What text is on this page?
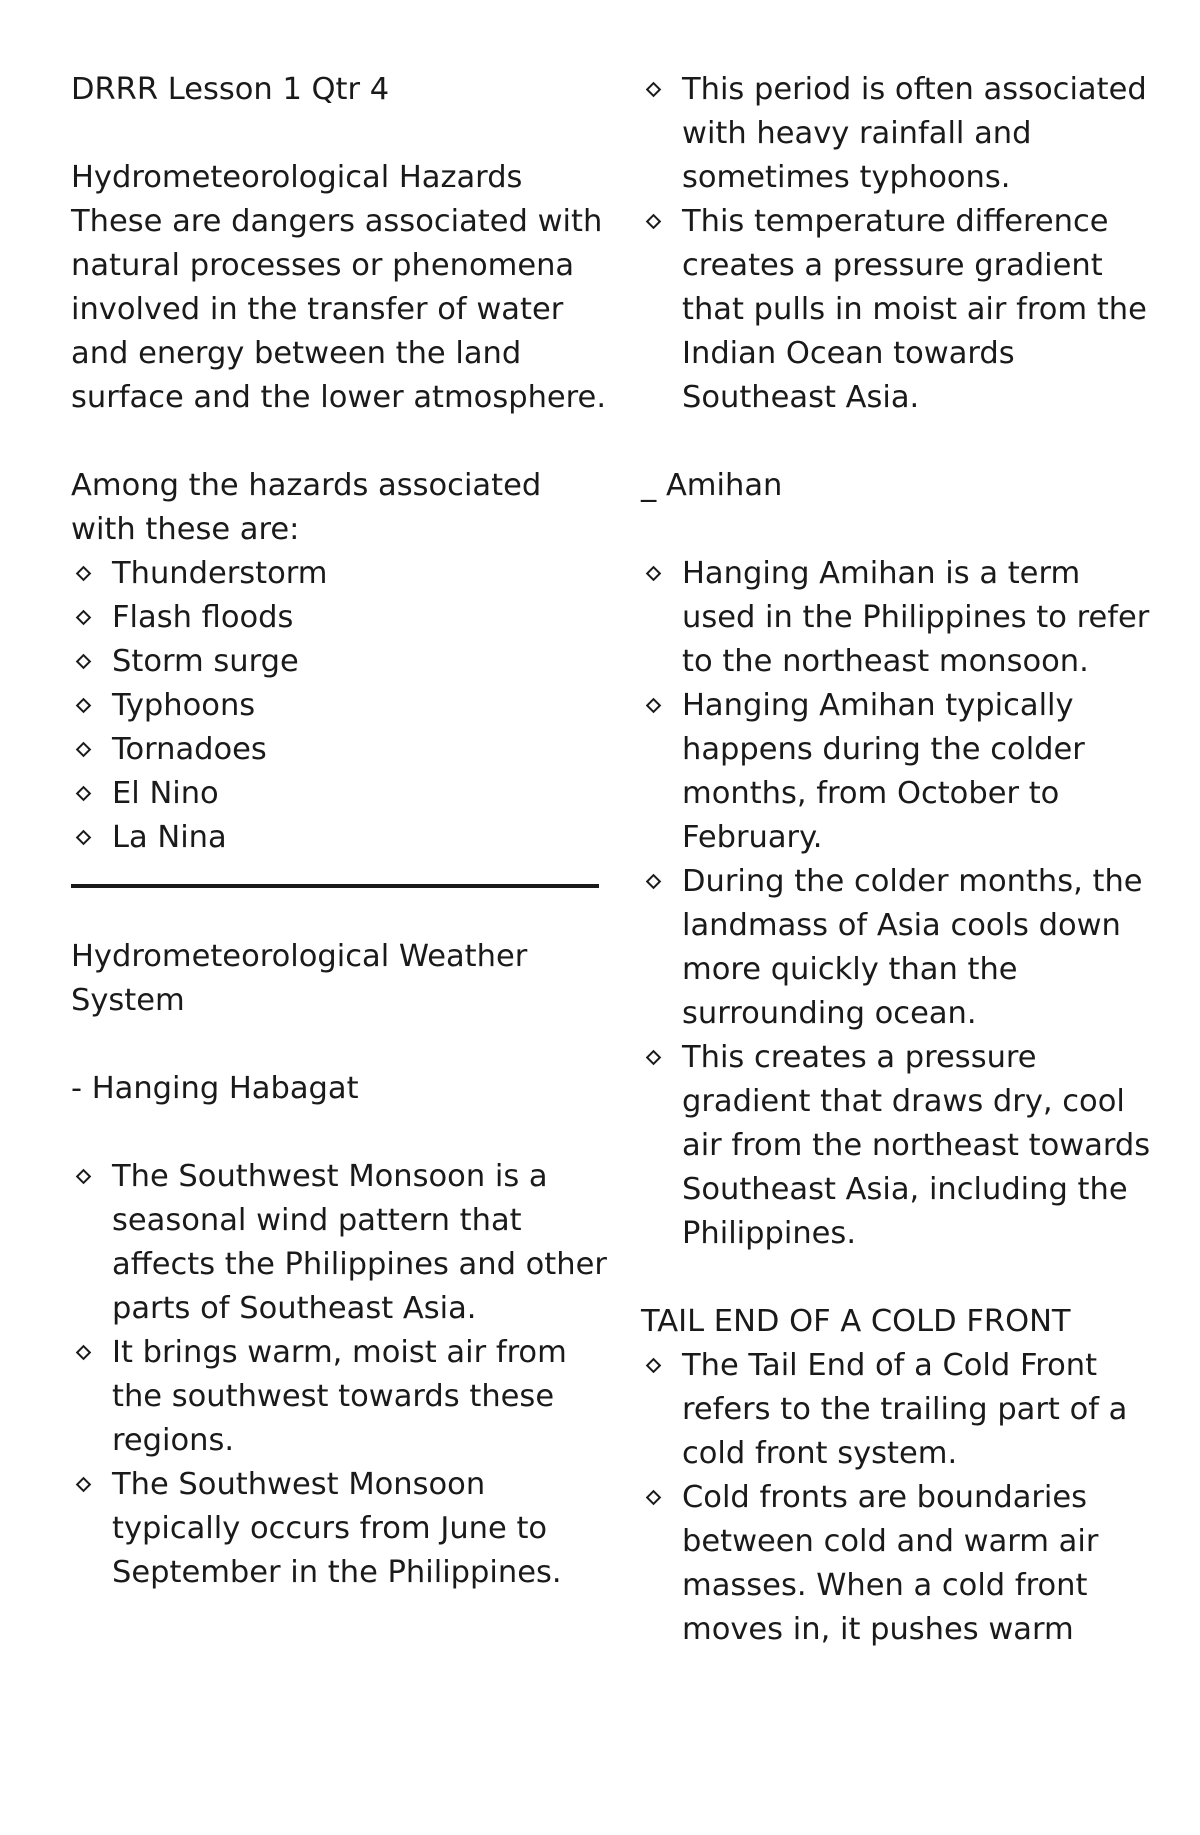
DRRR Lesson 1 Qtr 4

Hydrometeorological Hazards

These are dangers associated with natural processes or phenomena involved in the transfer of water and energy between the land surface and the lower atmosphere.

Among the hazards associated with these are:

Thunderstorm
Flash floods
Storm surge
Typhoons
Tornadoes
El Nino
La Nina

Hydrometeorological Weather System

- Hanging Habagat

The Southwest Monsoon is a seasonal wind pattern that affects the Philippines and other parts of Southeast Asia.
It brings warm, moist air from the southwest towards these regions.
The Southwest Monsoon typically occurs from June to September in the Philippines.
This period is often associated with heavy rainfall and sometimes typhoons.
This temperature difference creates a pressure gradient that pulls in moist air from the Indian Ocean towards Southeast Asia.

_ Amihan

Hanging Amihan is a term used in the Philippines to refer to the northeast monsoon.
Hanging Amihan typically happens during the colder months, from October to February.
During the colder months, the landmass of Asia cools down more quickly than the surrounding ocean.
This creates a pressure gradient that draws dry, cool air from the northeast towards Southeast Asia, including the Philippines.

TAIL END OF A COLD FRONT

The Tail End of a Cold Front refers to the trailing part of a cold front system.
Cold fronts are boundaries between cold and warm air masses. When a cold front moves in, it pushes warm
